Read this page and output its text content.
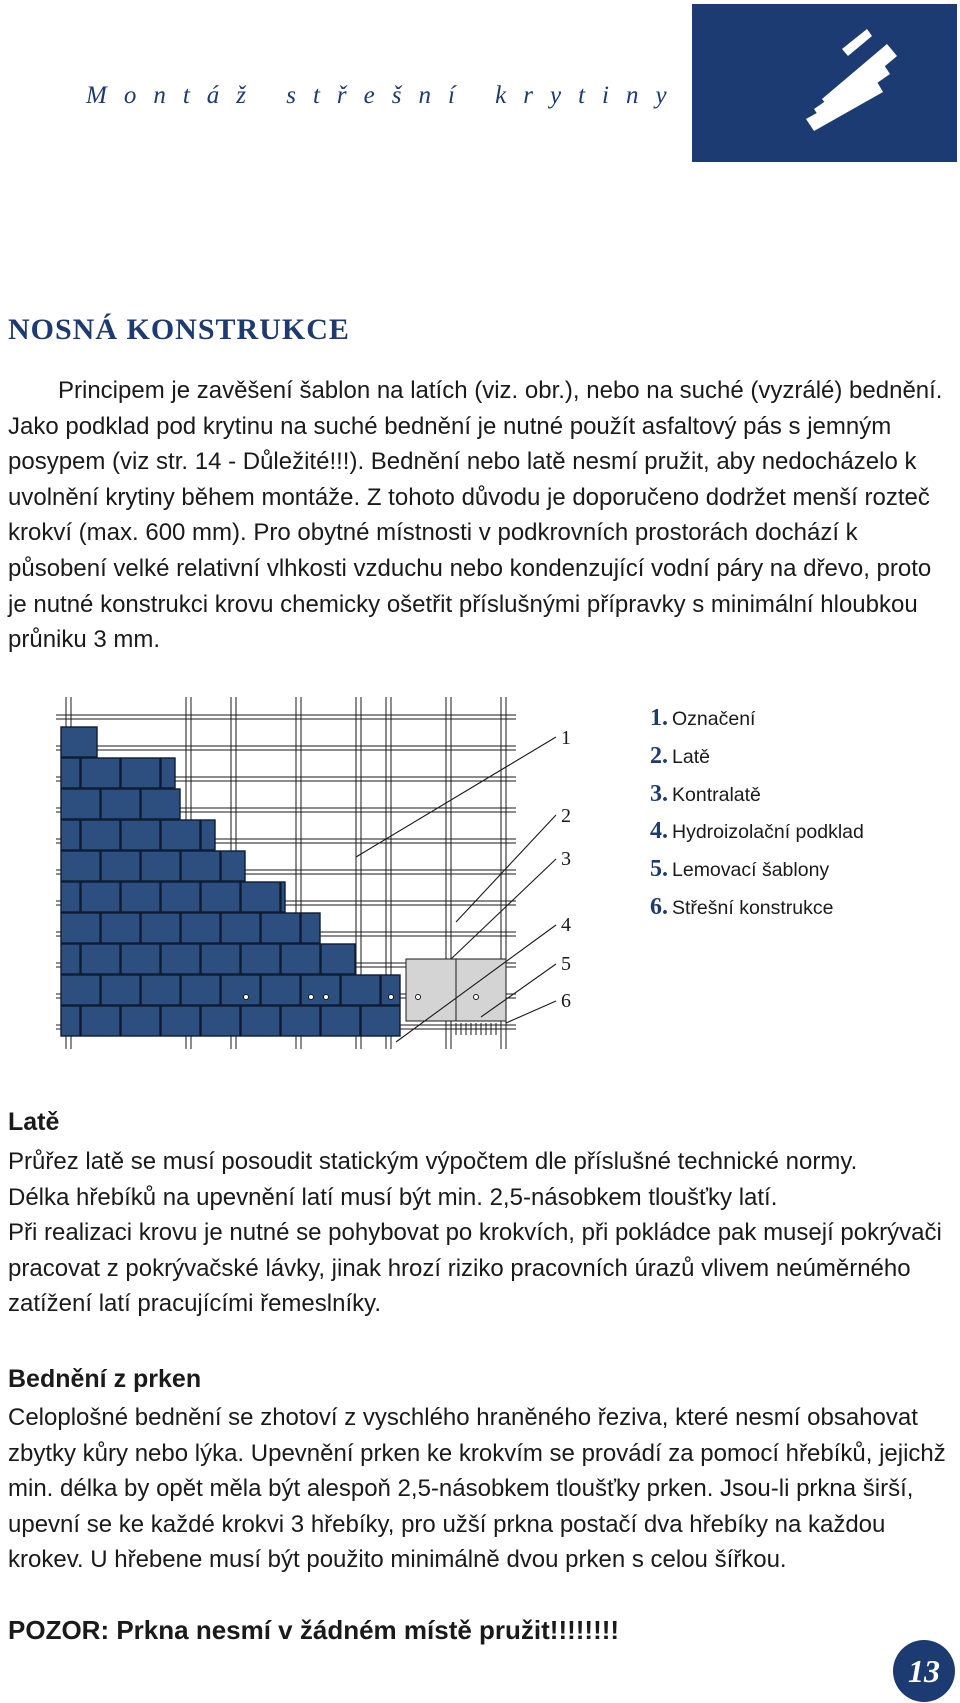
Montáž střešní krytiny
NOSNÁ KONSTRUKCE
Principem je zavěšení šablon na latích (viz. obr.), nebo na suché (vyzrálé) bednění. Jako podklad pod krytinu na suché bednění je nutné použít asfaltový pás s jemným posypem (viz str. 14 - Důležité!!!). Bednění nebo latě nesmí pružit, aby nedocházelo k uvolnění krytiny během montáže. Z tohoto důvodu je doporučeno dodržet menší rozteč krokví (max. 600 mm). Pro obytné místnosti v podkrovních prostorách dochází k působení velké relativní vlhkosti vzduchu nebo kondenzující vodní páry na dřevo, proto je nutné konstrukci krovu chemicky ošetřit příslušnými přípravky s minimální hloubkou průniku 3 mm.
1
2
3
4
5
6
1. Označení
2. Latě
3. Kontralatě
4. Hydroizolační podklad
5. Lemovací šablony
6. Střešní konstrukce
Latě

Průřez latě se musí posoudit statickým výpočtem dle příslušné technické normy.

Délka hřebíků na upevnění latí musí být min. 2,5-násobkem tloušťky latí.

Při realizaci krovu je nutné se pohybovat po krokvích, při pokládce pak musejí pokrývači pracovat z pokrývačské lávky, jinak hrozí riziko pracovních úrazů vlivem neúměrného zatížení latí pracujícími řemeslníky.

Bednění z prken
Celoplošné bednění se zhotoví z vyschlého hraněného řeziva, které nesmí obsahovat zbytky kůry nebo lýka. Upevnění prken ke krokvím se provádí za pomocí hřebíků, jejichž min. délka by opět měla být alespoň 2,5-násobkem tloušťky prken. Jsou-li prkna širší, upevní se ke každé krokvi 3 hřebíky, pro užší prkna postačí dva hřebíky na každou krokev. U hřebene musí být použito minimálně dvou prken s celou šířkou.
POZOR: Prkna nesmí v žádném místě pružit!!!!!!!!
13
